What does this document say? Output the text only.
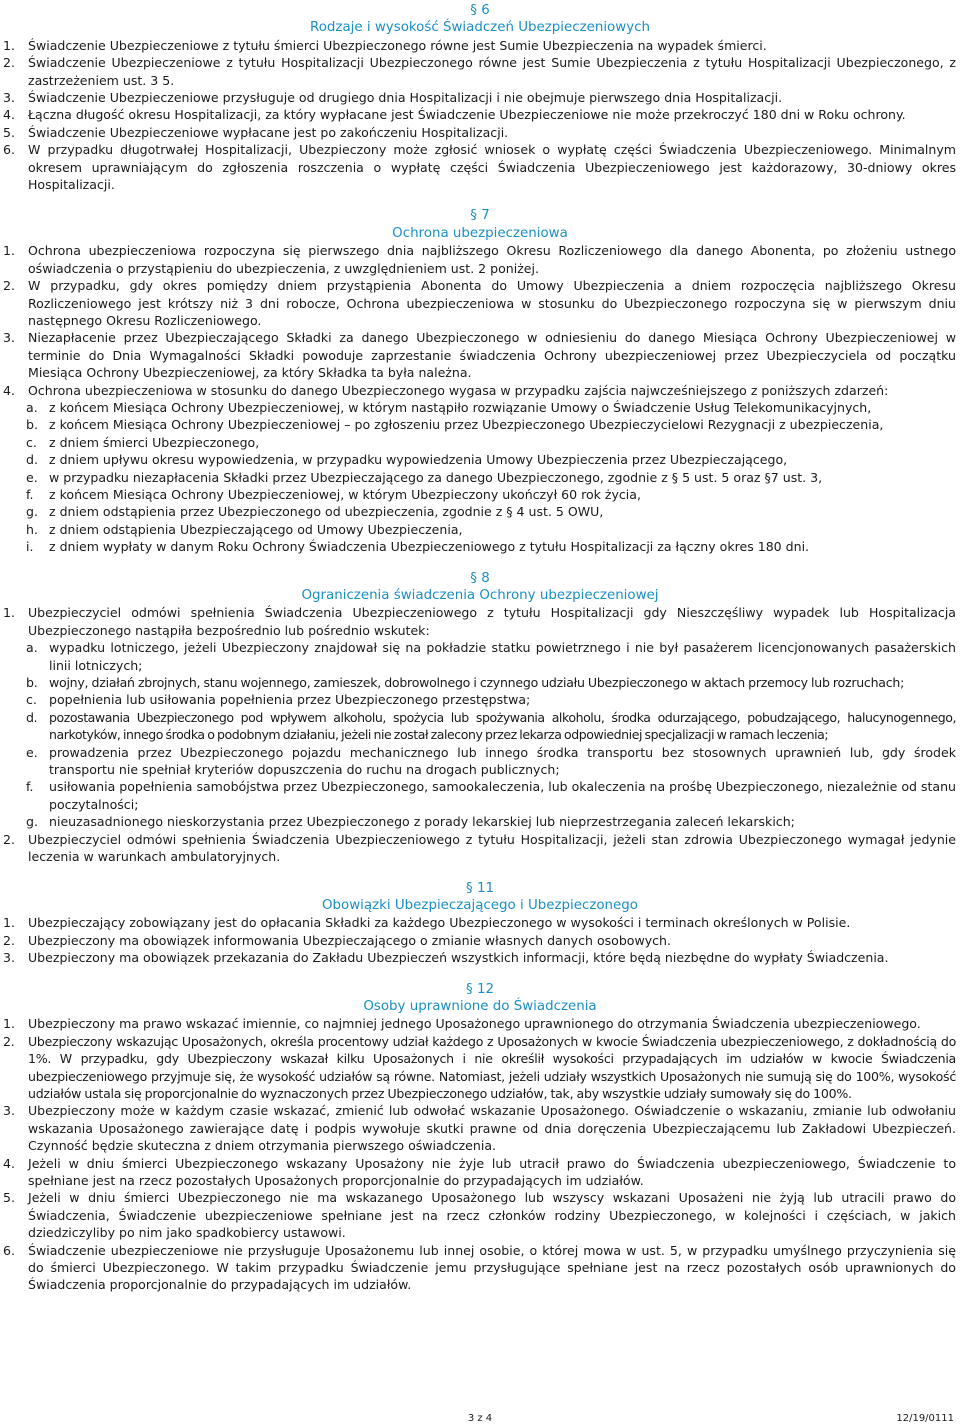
§ 6
Rodzaje i wysokość Świadczeń Ubezpieczeniowych
1. Świadczenie Ubezpieczeniowe z tytułu śmierci Ubezpieczonego równe jest Sumie Ubezpieczenia na wypadek śmierci.
2. Świadczenie Ubezpieczeniowe z tytułu Hospitalizacji Ubezpieczonego równe jest Sumie Ubezpieczenia z tytułu Hospitalizacji Ubezpieczonego, z zastrzeżeniem ust. 3 5.
3. Świadczenie Ubezpieczeniowe przysługuje od drugiego dnia Hospitalizacji i nie obejmuje pierwszego dnia Hospitalizacji.
4. Łączna długość okresu Hospitalizacji, za który wypłacane jest Świadczenie Ubezpieczeniowe nie może przekroczyć 180 dni w Roku ochrony.
5. Świadczenie Ubezpieczeniowe wypłacane jest po zakończeniu Hospitalizacji.
6. W przypadku długotrwałej Hospitalizacji, Ubezpieczony może zgłosić wniosek o wypłatę części Świadczenia Ubezpieczeniowego. Minimalnym okresem uprawniającym do zgłoszenia roszczenia o wypłatę części Świadczenia Ubezpieczeniowego jest każdorazowy, 30-dniowy okres Hospitalizacji.
§ 7
Ochrona ubezpieczeniowa
1. Ochrona ubezpieczeniowa rozpoczyna się pierwszego dnia najbliższego Okresu Rozliczeniowego dla danego Abonenta, po złożeniu ustnego oświadczenia o przystąpieniu do ubezpieczenia, z uwzględnieniem ust. 2 poniżej.
2. W przypadku, gdy okres pomiędzy dniem przystąpienia Abonenta do Umowy Ubezpieczenia a dniem rozpoczęcia najbliższego Okresu Rozliczeniowego jest krótszy niż 3 dni robocze, Ochrona ubezpieczeniowa w stosunku do Ubezpieczonego rozpoczyna się w pierwszym dniu następnego Okresu Rozliczeniowego.
3. Niezapłacenie przez Ubezpieczającego Składki za danego Ubezpieczonego w odniesieniu do danego Miesiąca Ochrony Ubezpieczeniowej w terminie do Dnia Wymagalności Składki powoduje zaprzestanie świadczenia Ochrony ubezpieczeniowej przez Ubezpieczyciela od początku Miesiąca Ochrony Ubezpieczeniowej, za który Składka ta była należna.
4. Ochrona ubezpieczeniowa w stosunku do danego Ubezpieczonego wygasa w przypadku zajścia najwcześniejszego z poniższych zdarzeń:
a. z końcem Miesiąca Ochrony Ubezpieczeniowej, w którym nastąpiło rozwiązanie Umowy o Świadczenie Usług Telekomunikacyjnych,
b. z końcem Miesiąca Ochrony Ubezpieczeniowej – po zgłoszeniu przez Ubezpieczonego Ubezpieczycielowi Rezygnacji z ubezpieczenia,
c. z dniem śmierci Ubezpieczonego,
d. z dniem upływu okresu wypowiedzenia, w przypadku wypowiedzenia Umowy Ubezpieczenia przez Ubezpieczającego,
e. w przypadku niezapłacenia Składki przez Ubezpieczającego za danego Ubezpieczonego, zgodnie z § 5 ust. 5 oraz §7 ust. 3,
f. z końcem Miesiąca Ochrony Ubezpieczeniowej, w którym Ubezpieczony ukończył 60 rok życia,
g. z dniem odstąpienia przez Ubezpieczonego od ubezpieczenia, zgodnie z § 4 ust. 5 OWU,
h. z dniem odstąpienia Ubezpieczającego od Umowy Ubezpieczenia,
i. z dniem wypłaty w danym Roku Ochrony Świadczenia Ubezpieczeniowego z tytułu Hospitalizacji za łączny okres 180 dni.
§ 8
Ograniczenia świadczenia Ochrony ubezpieczeniowej
1. Ubezpieczyciel odmówi spełnienia Świadczenia Ubezpieczeniowego z tytułu Hospitalizacji gdy Nieszczęśliwy wypadek lub Hospitalizacja Ubezpieczonego nastąpiła bezpośrednio lub pośrednio wskutek:
a. wypadku lotniczego, jeżeli Ubezpieczony znajdował się na pokładzie statku powietrznego i nie był pasażerem licencjonowanych pasażerskich linii lotniczych;
b. wojny, działań zbrojnych, stanu wojennego, zamieszek, dobrowolnego i czynnego udziału Ubezpieczonego w aktach przemocy lub rozruchach;
c. popełnienia lub usiłowania popełnienia przez Ubezpieczonego przestępstwa;
d. pozostawania Ubezpieczonego pod wpływem alkoholu, spożycia lub spożywania alkoholu, środka odurzającego, pobudzającego, halucynogennego, narkotyków, innego środka o podobnym działaniu, jeżeli nie został zalecony przez lekarza odpowiedniej specjalizacji w ramach leczenia;
e. prowadzenia przez Ubezpieczonego pojazdu mechanicznego lub innego środka transportu bez stosownych uprawnień lub, gdy środek transportu nie spełniał kryteriów dopuszczenia do ruchu na drogach publicznych;
f. usiłowania popełnienia samobójstwa przez Ubezpieczonego, samookaleczenia, lub okaleczenia na prośbę Ubezpieczonego, niezależnie od stanu poczytalności;
g. nieuzasadnionego nieskorzystania przez Ubezpieczonego z porady lekarskiej lub nieprzestrzegania zaleceń lekarskich;
2. Ubezpieczyciel odmówi spełnienia Świadczenia Ubezpieczeniowego z tytułu Hospitalizacji, jeżeli stan zdrowia Ubezpieczonego wymagał jedynie leczenia w warunkach ambulatoryjnych.
§ 11
Obowiązki Ubezpieczającego i Ubezpieczonego
1. Ubezpieczający zobowiązany jest do opłacania Składki za każdego Ubezpieczonego w wysokości i terminach określonych w Polisie.
2. Ubezpieczony ma obowiązek informowania Ubezpieczającego o zmianie własnych danych osobowych.
3. Ubezpieczony ma obowiązek przekazania do Zakładu Ubezpieczeń wszystkich informacji, które będą niezbędne do wypłaty Świadczenia.
§ 12
Osoby uprawnione do Świadczenia
1. Ubezpieczony ma prawo wskazać imiennie, co najmniej jednego Uposażonego uprawnionego do otrzymania Świadczenia ubezpieczeniowego.
2. Ubezpieczony wskazując Uposażonych, określa procentowy udział każdego z Uposażonych w kwocie Świadczenia ubezpieczeniowego, z dokładnością do 1%. W przypadku, gdy Ubezpieczony wskazał kilku Uposażonych i nie określił wysokości przypadających im udziałów w kwocie Świadczenia ubezpieczeniowego przyjmuje się, że wysokość udziałów są równe. Natomiast, jeżeli udziały wszystkich Uposażonych nie sumują się do 100%, wysokość udziałów ustala się proporcjonalnie do wyznaczonych przez Ubezpieczonego udziałów, tak, aby wszystkie udziały sumowały się do 100%.
3. Ubezpieczony może w każdym czasie wskazać, zmienić lub odwołać wskazanie Uposażonego. Oświadczenie o wskazaniu, zmianie lub odwołaniu wskazania Uposażonego zawierające datę i podpis wywołuje skutki prawne od dnia doręczenia Ubezpieczającemu lub Zakładowi Ubezpieczeń. Czynność będzie skuteczna z dniem otrzymania pierwszego oświadczenia.
4. Jeżeli w dniu śmierci Ubezpieczonego wskazany Uposażony nie żyje lub utracił prawo do Świadczenia ubezpieczeniowego, Świadczenie to spełniane jest na rzecz pozostałych Uposażonych proporcjonalnie do przypadających im udziałów.
5. Jeżeli w dniu śmierci Ubezpieczonego nie ma wskazanego Uposażonego lub wszyscy wskazani Uposażeni nie żyją lub utracili prawo do Świadczenia, Świadczenie ubezpieczeniowe spełniane jest na rzecz członków rodziny Ubezpieczonego, w kolejności i częściach, w jakich dziedziczyliby po nim jako spadkobiercy ustawowi.
6. Świadczenie ubezpieczeniowe nie przysługuje Uposażonemu lub innej osobie, o której mowa w ust. 5, w przypadku umyślnego przyczynienia się do śmierci Ubezpieczonego. W takim przypadku Świadczenie jemu przysługujące spełniane jest na rzecz pozostałych osób uprawnionych do Świadczenia proporcjonalnie do przypadających im udziałów.
3 z 4	12/19/0111
